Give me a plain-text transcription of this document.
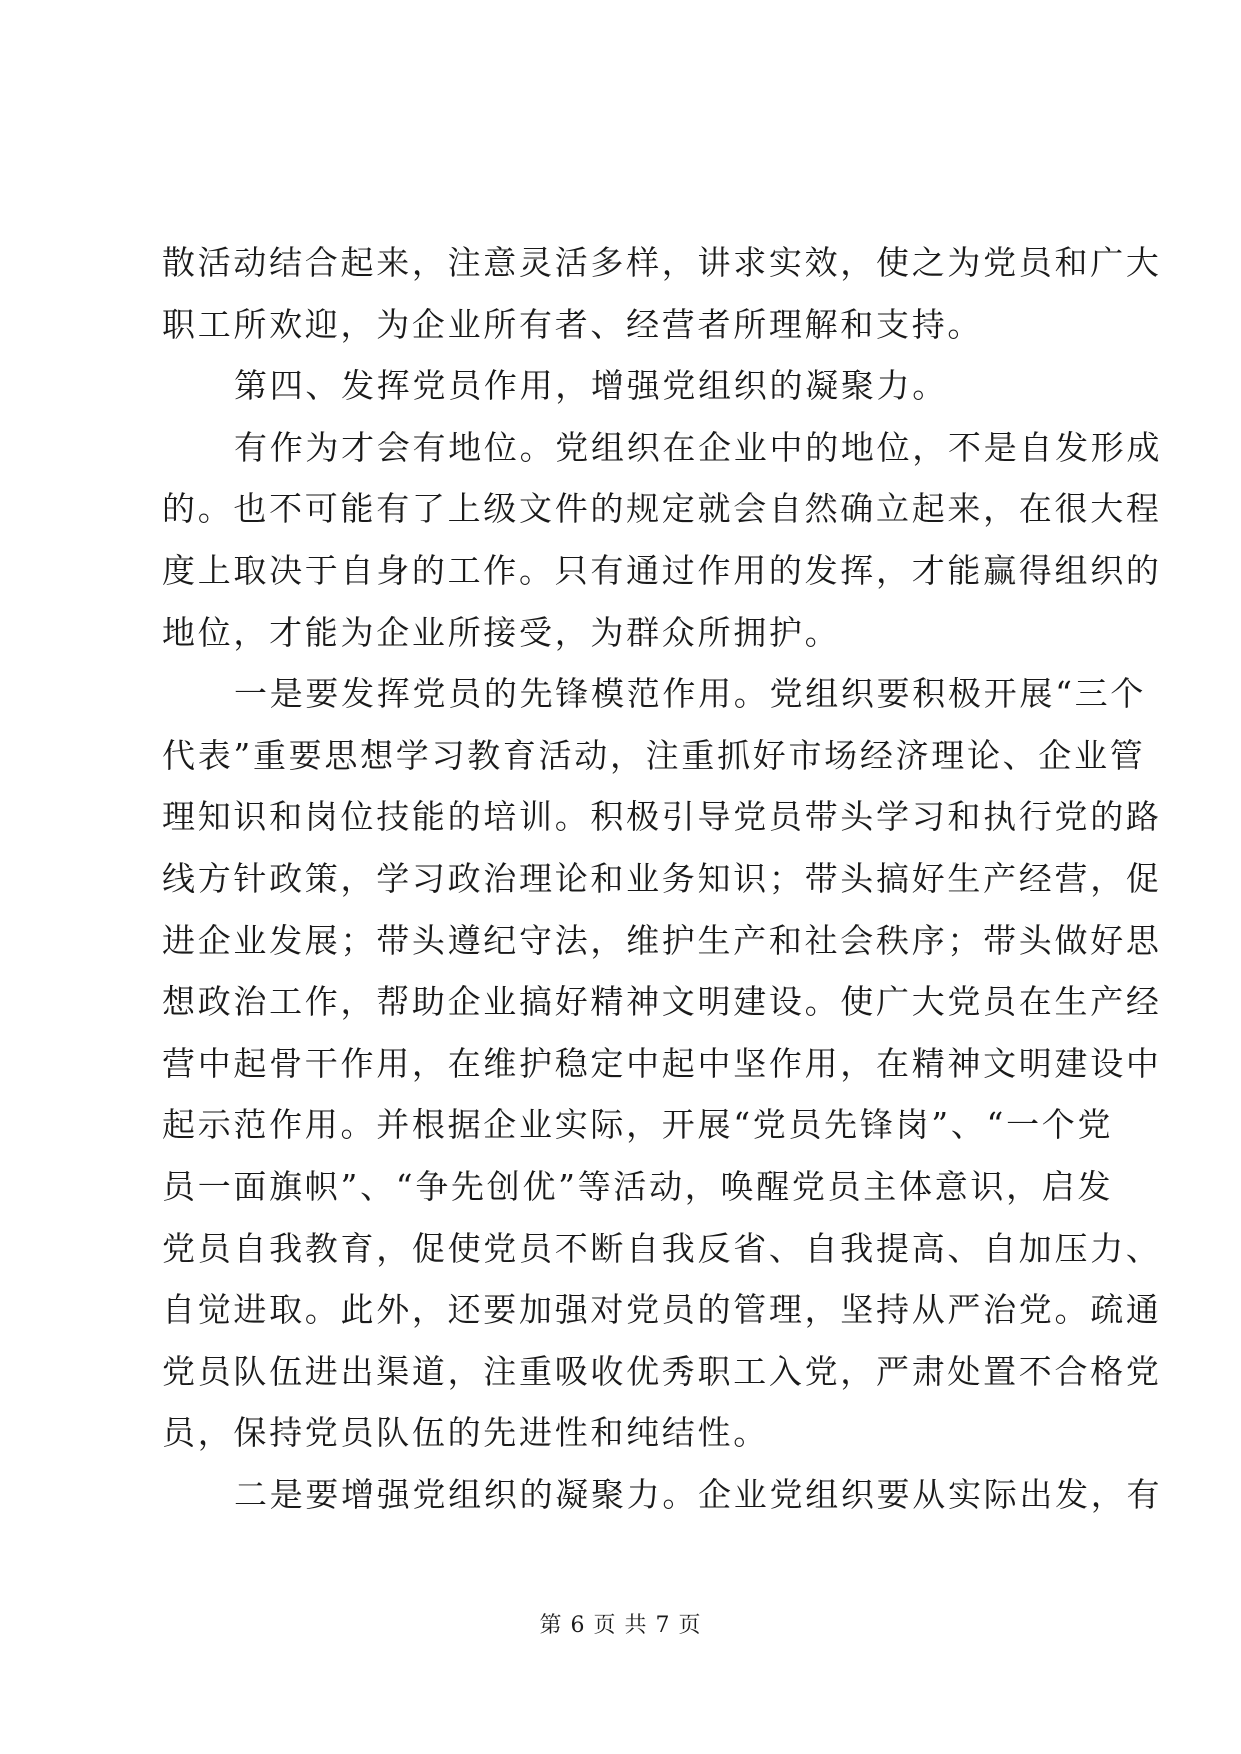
散活动结合起来，注意灵活多样，讲求实效，使之为党员和广大
职工所欢迎，为企业所有者、经营者所理解和支持。
第四、发挥党员作用，增强党组织的凝聚力。
有作为才会有地位。党组织在企业中的地位，不是自发形成
的。也不可能有了上级文件的规定就会自然确立起来，在很大程
度上取决于自身的工作。只有通过作用的发挥，才能赢得组织的
地位，才能为企业所接受，为群众所拥护。
一是要发挥党员的先锋模范作用。党组织要积极开展“三个
代表”重要思想学习教育活动，注重抓好市场经济理论、企业管
理知识和岗位技能的培训。积极引导党员带头学习和执行党的路
线方针政策，学习政治理论和业务知识；带头搞好生产经营，促
进企业发展；带头遵纪守法，维护生产和社会秩序；带头做好思
想政治工作，帮助企业搞好精神文明建设。使广大党员在生产经
营中起骨干作用，在维护稳定中起中坚作用，在精神文明建设中
起示范作用。并根据企业实际，开展“党员先锋岗”、“一个党
员一面旗帜”、“争先创优”等活动，唤醒党员主体意识，启发
党员自我教育，促使党员不断自我反省、自我提高、自加压力、
自觉进取。此外，还要加强对党员的管理，坚持从严治党。疏通
党员队伍进出渠道，注重吸收优秀职工入党，严肃处置不合格党
员，保持党员队伍的先进性和纯结性。
二是要增强党组织的凝聚力。企业党组织要从实际出发，有
第 6 页 共 7 页
